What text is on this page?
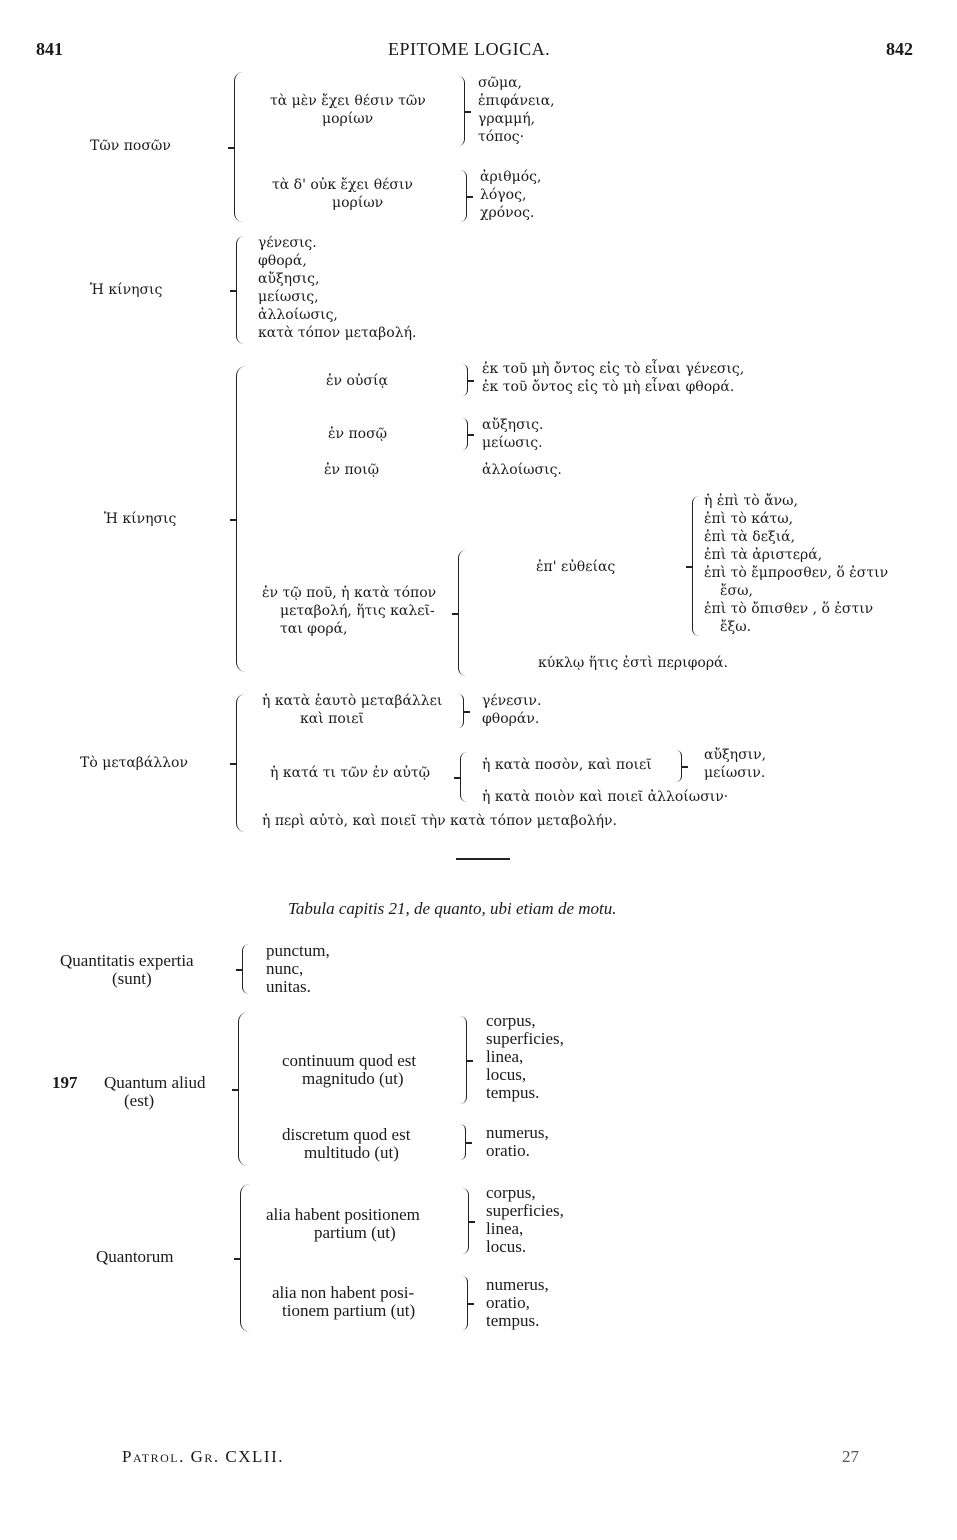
841	EPITOME LOGICA.	842
Τῶν ποσῶν
τὰ μὲν ἔχει θέσιν τῶν
μορίων
σῶμα,
ἐπιφάνεια,
γραμμή,
τόπος·
τὰ δ' οὐκ ἔχει θέσιν
μορίων
ἀριθμός,
λόγος,
χρόνος.
Ἡ κίνησις
γένεσις.
φθορά,
αὔξησις,
μείωσις,
ἀλλοίωσις,
κατὰ τόπον μεταβολή.
Ἡ κίνησις
ἐν οὐσίᾳ
ἐκ τοῦ μὴ ὄντος εἰς τὸ εἶναι γένεσις,
ἐκ τοῦ ὄντος εἰς τὸ μὴ εἶναι φθορά.
ἐν ποσῷ
αὔξησις.
μείωσις.
ἐν ποιῷ	ἀλλοίωσις.
ἐν τῷ ποῦ, ἡ κατὰ τόπον
μεταβολή, ἥτις καλεῖ-
ται φορά,
ἐπ' εὐθείας
ἡ ἐπὶ τὸ ἄνω,
ἐπὶ τὸ κάτω,
ἐπὶ τὰ δεξιά,
ἐπὶ τὰ ἀριστερά,
ἐπὶ τὸ ἔμπροσθεν, ὅ ἐστιν
ἔσω,
ἐπὶ τὸ ὄπισθεν , ὅ ἐστιν
ἔξω.
κύκλῳ ἥτις ἐστὶ περιφορά.
Τὸ μεταβάλλον
ἡ κατὰ ἑαυτὸ μεταβάλλει
καὶ ποιεῖ
γένεσιν.
φθοράν.
ἡ κατά τι τῶν ἐν αὐτῷ	ἡ κατὰ ποσὸν, καὶ ποιεῖ
αὔξησιν,
μείωσιν.
ἡ κατὰ ποιὸν καὶ ποιεῖ ἀλλοίωσιν·
ἡ περὶ αὐτὸ, καὶ ποιεῖ τὴν κατὰ τόπον μεταβολήν.
Tabula capitis 21, de quanto, ubi etiam de motu.
Quantitatis expertia
(sunt)
punctum,
nunc,
unitas.
197 Quantum aliud
(est)
continuum quod est
magnitudo (ut)
corpus,
superficies,
linea,
locus,
tempus.
discretum quod est
multitudo (ut)
numerus,
oratio.
Quantorum
alia habent positionem
partium (ut)
corpus,
superficies,
linea,
locus.
alia non habent posi-
tionem partium (ut)
numerus,
oratio,
tempus.
Patrol. Gr. CXLII.	27
